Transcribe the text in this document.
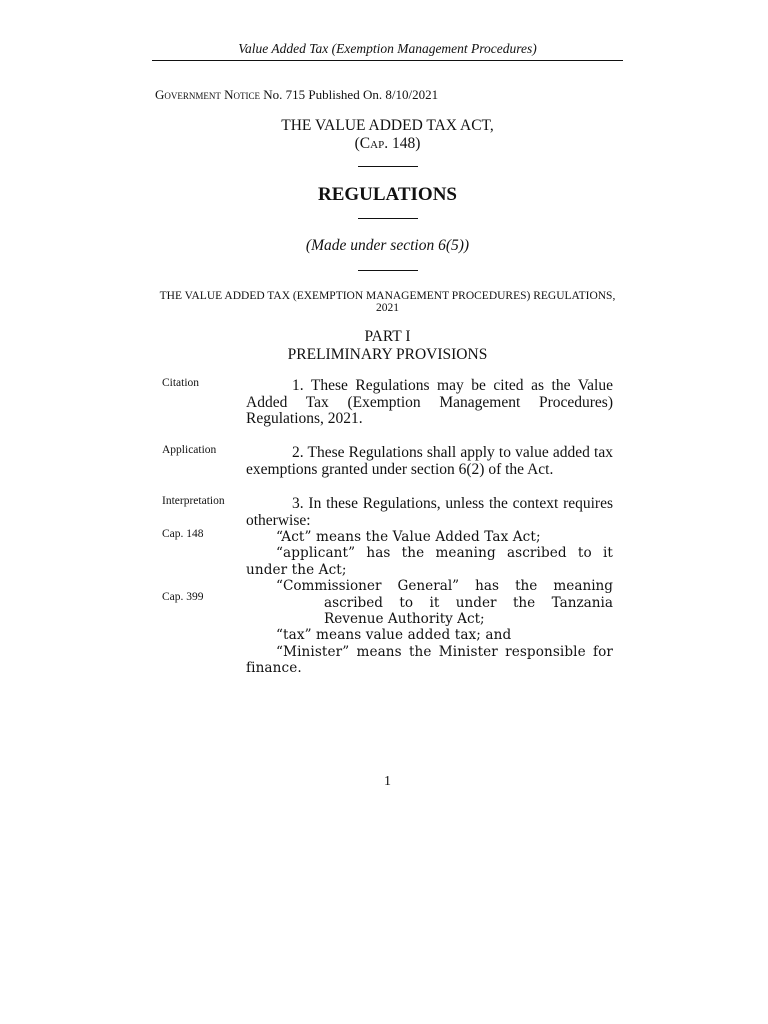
Value Added Tax (Exemption Management Procedures)
Government Notice No. 715 Published On. 8/10/2021
THE VALUE ADDED TAX ACT,
(Cap. 148)
REGULATIONS
(Made under section 6(5))
THE VALUE ADDED TAX (EXEMPTION MANAGEMENT PROCEDURES) REGULATIONS,
2021
PART I
PRELIMINARY PROVISIONS
Citation	1. These Regulations may be cited as the Value Added Tax (Exemption Management Procedures) Regulations, 2021.

Application	2. These Regulations shall apply to value added tax exemptions granted under section 6(2) of the Act.

Interpretation
Cap. 148
Cap. 399

3. In these Regulations, unless the context requires otherwise:

“Act” means the Value Added Tax Act;

“applicant” has the meaning ascribed to it under the Act;

“Commissioner General” has the meaning ascribed to it under the Tanzania Revenue Authority Act;

“tax” means value added tax; and

“Minister” means the Minister responsible for finance.

1
